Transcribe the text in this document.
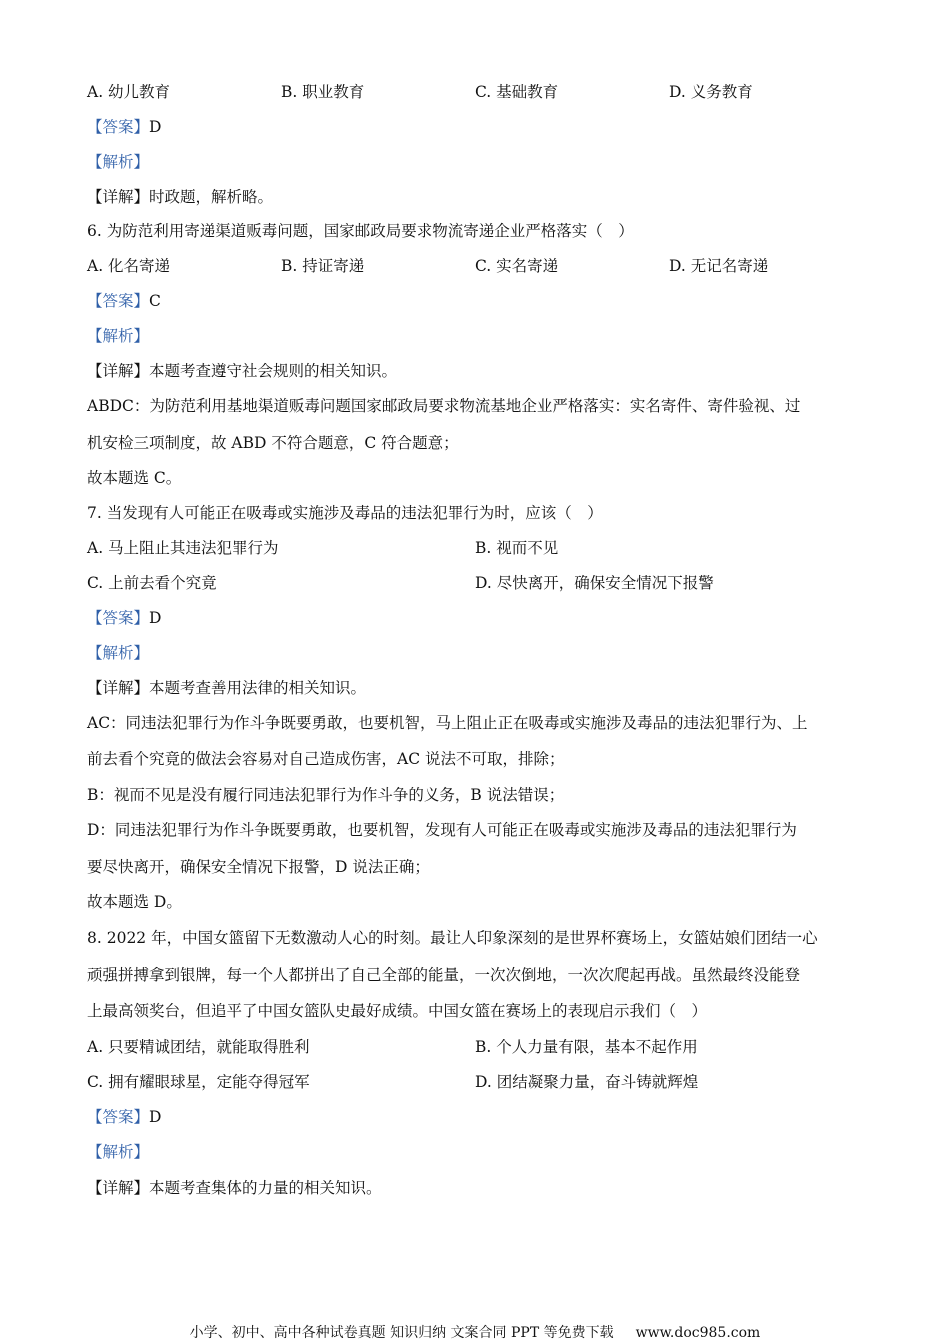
A. 幼儿教育	B. 职业教育	C. 基础教育	D. 义务教育
【答案】D
【解析】
【详解】时政题，解析略。
6. 为防范利用寄递渠道贩毒问题，国家邮政局要求物流寄递企业严格落实（　）
A. 化名寄递	B. 持证寄递	C. 实名寄递	D. 无记名寄递
【答案】C
【解析】
【详解】本题考查遵守社会规则的相关知识。
ABDC：为防范利用基地渠道贩毒问题国家邮政局要求物流基地企业严格落实：实名寄件、寄件验视、过
机安检三项制度，故 ABD 不符合题意，C 符合题意；
故本题选 C。
7. 当发现有人可能正在吸毒或实施涉及毒品的违法犯罪行为时，应该（　）
A. 马上阻止其违法犯罪行为	B. 视而不见
C. 上前去看个究竟	D. 尽快离开，确保安全情况下报警
【答案】D
【解析】
【详解】本题考查善用法律的相关知识。
AC：同违法犯罪行为作斗争既要勇敢，也要机智，马上阻止正在吸毒或实施涉及毒品的违法犯罪行为、上
前去看个究竟的做法会容易对自己造成伤害，AC 说法不可取，排除；
B：视而不见是没有履行同违法犯罪行为作斗争的义务，B 说法错误；
D：同违法犯罪行为作斗争既要勇敢，也要机智，发现有人可能正在吸毒或实施涉及毒品的违法犯罪行为
要尽快离开，确保安全情况下报警，D 说法正确；
故本题选 D。
8. 2022 年，中国女篮留下无数激动人心的时刻。最让人印象深刻的是世界杯赛场上，女篮姑娘们团结一心
顽强拼搏拿到银牌，每一个人都拼出了自己全部的能量，一次次倒地，一次次爬起再战。虽然最终没能登
上最高领奖台，但追平了中国女篮队史最好成绩。中国女篮在赛场上的表现启示我们（　）
A. 只要精诚团结，就能取得胜利	B. 个人力量有限，基本不起作用
C. 拥有耀眼球星，定能夺得冠军	D. 团结凝聚力量，奋斗铸就辉煌
【答案】D
【解析】
【详解】本题考查集体的力量的相关知识。
小学、初中、高中各种试卷真题 知识归纳 文案合同 PPT 等免费下载 www.doc985.com
